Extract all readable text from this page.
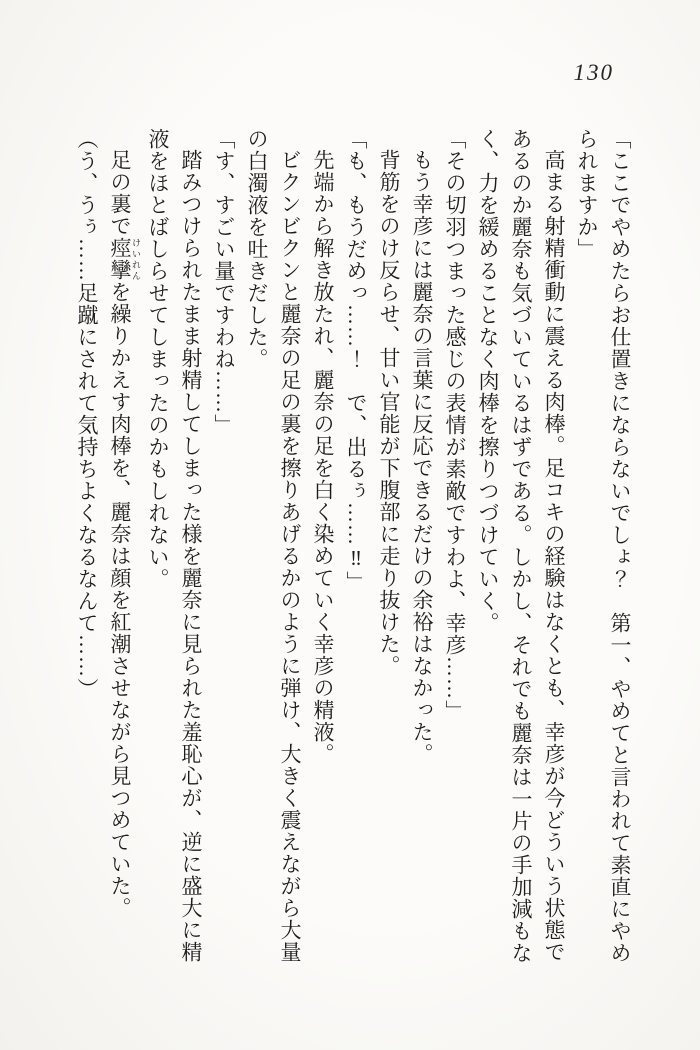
130

「ここでやめたらお仕置きにならないでしょ？　第一、やめてと言われて素直にやめられますか」

高まる射精衝動に震える肉棒。足コキの経験はなくとも、幸彦が今どういう状態であるのか麗奈も気づいているはずである。しかし、それでも麗奈は一片の手加減もなく、力を緩めることなく肉棒を擦りつづけていく。

「その切羽つまった感じの表情が素敵ですわよ、幸彦……」

もう幸彦には麗奈の言葉に反応できるだけの余裕はなかった。

背筋をのけ反らせ、甘い官能が下腹部に走り抜けた。

「も、もうだめっ……！　で、出るぅ……‼」

先端から解き放たれ、麗奈の足を白く染めていく幸彦の精液。

ビクンビクンと麗奈の足の裏を擦りあげるかのように弾け、大きく震えながら大量の白濁液を吐きだした。

「す、すごい量ですわね……」

踏みつけられたまま射精してしまった様を麗奈に見られた羞恥心が、逆に盛大に精液をほとばしらせてしまったのかもしれない。

足の裏で痙攣 けいれんを繰りかえす肉棒を、麗奈は顔を紅潮させながら見つめていた。

（う、うぅ……足蹴にされて気持ちよくなるなんて……）
